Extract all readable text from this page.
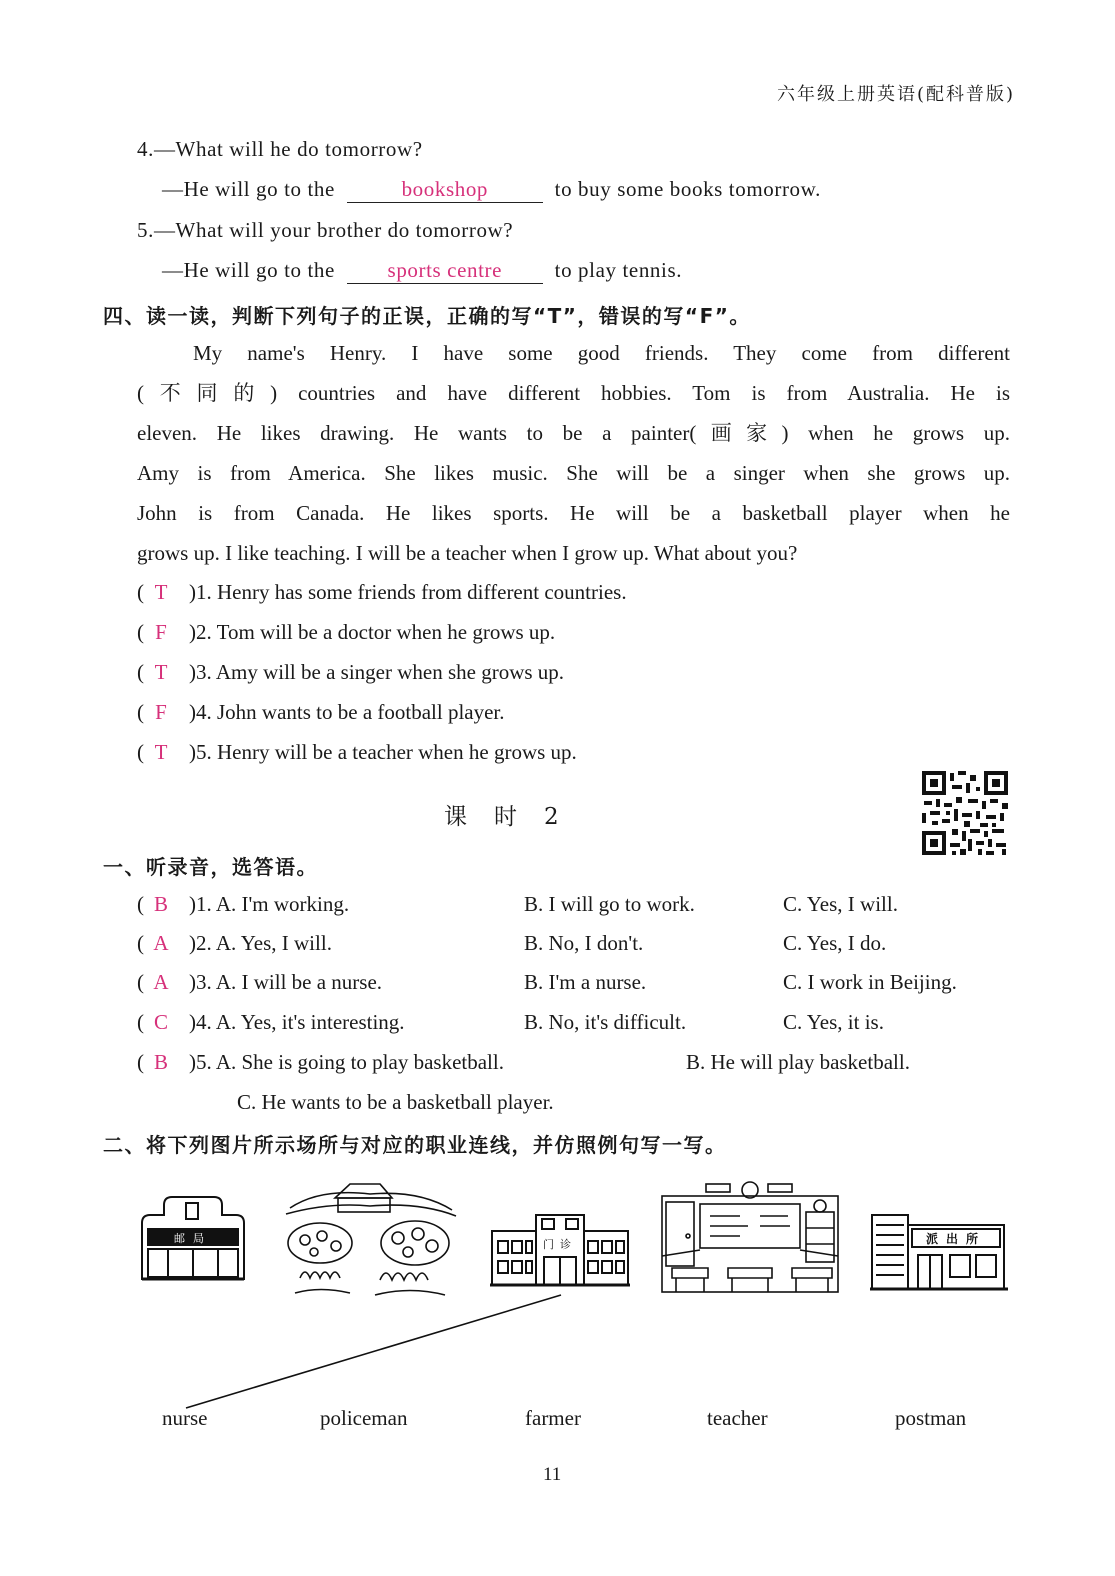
六年级上册英语(配科普版)
4.—What will he do tomorrow?
—He will go to the	bookshop	to buy some books tomorrow.
5.—What will your brother do tomorrow?
—He will go to the	sports centre	to play tennis.
四、读一读，判断下列句子的正误，正确的写“T”，错误的写“F”。
My name's Henry. I have some good friends. They come from different
(不同的) countries and have different hobbies. Tom is from Australia. He is
eleven. He likes drawing. He wants to be a painter(画家) when he grows up.
Amy is from America. She likes music. She will be a singer when she grows up.
John is from Canada. He likes sports. He will be a basketball player when he
grows up. I like teaching. I will be a teacher when I grow up. What about you?
( T )1. Henry has some friends from different countries.
( F )2. Tom will be a doctor when he grows up.
( T )3. Amy will be a singer when she grows up.
( F )4. John wants to be a football player.
( T )5. Henry will be a teacher when he grows up.
课　时　2
一、听录音，选答语。
( B )1. A. I'm working.	B. I will go to work.	C. Yes, I will.
( A )2. A. Yes, I will.	B. No, I don't.	C. Yes, I do.
( A )3. A. I will be a nurse.	B. I'm a nurse.	C. I work in Beijing.
( C )4. A. Yes, it's interesting.	B. No, it's difficult.	C. Yes, it is.
( B )5. A. She is going to play basketball.	B. He will play basketball.
C. He wants to be a basketball player.
二、将下列图片所示场所与对应的职业连线，并仿照例句写一写。
邮局	门诊	派出所
nurse	policeman	farmer	teacher	postman
11
